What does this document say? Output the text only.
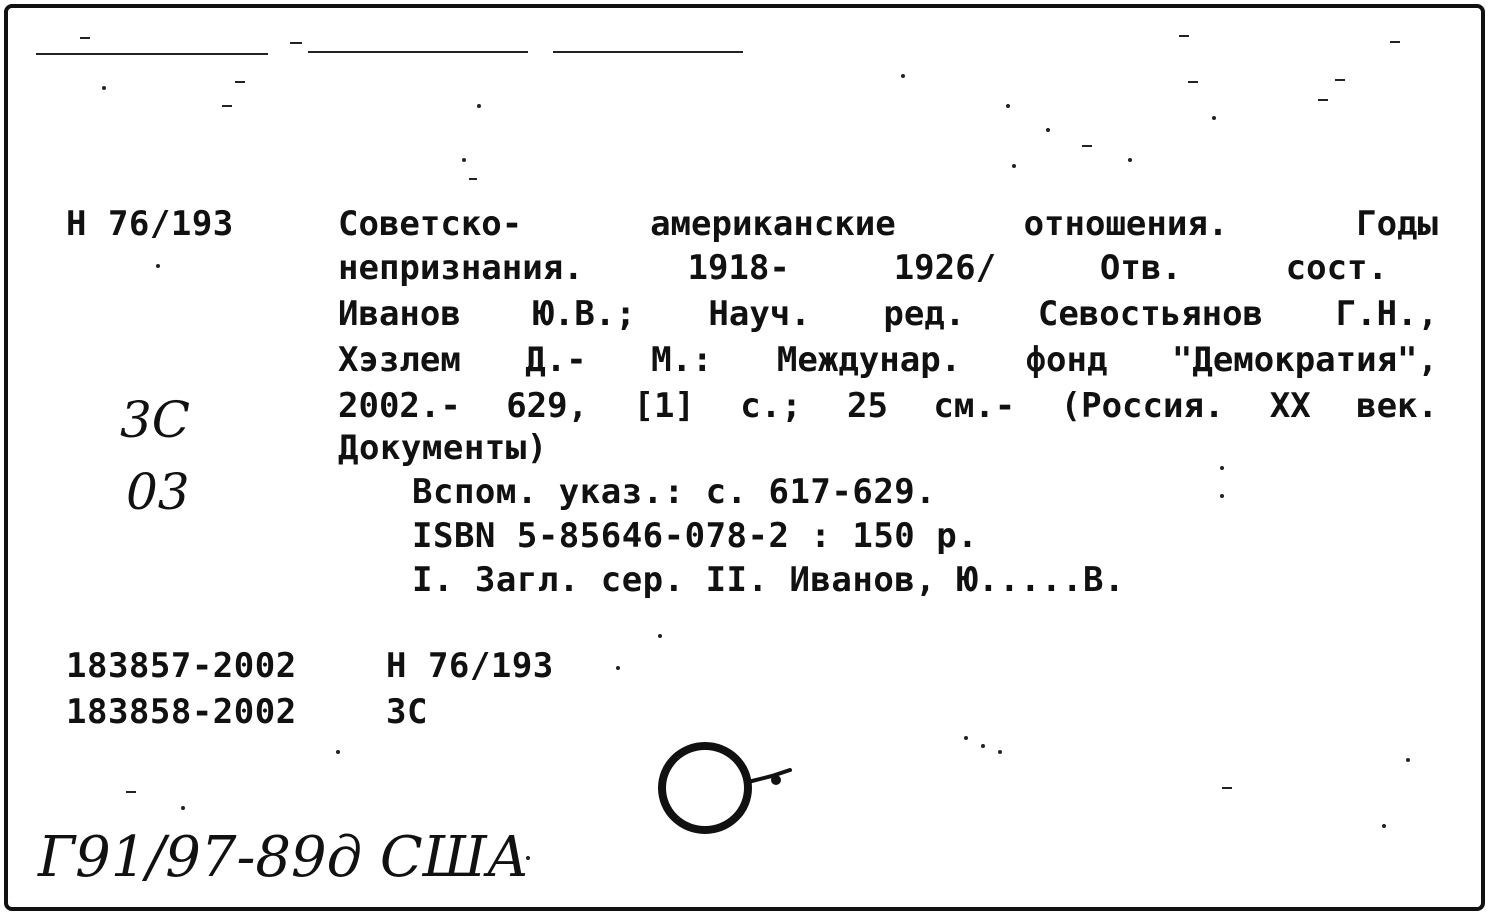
Н 76/193	Советско- американские отношения. Годы
непризнания. 1918- 1926/ Отв. сост.
Иванов Ю.В.; Науч. ред. Севостьянов Г.Н.,
Хэзлем Д.- М.: Междунар. фонд "Демократия",
2002.- 629, [1] с.; 25 см.- (Россия. XX век.
Документы)
Вспом. указ.: с. 617-629.
ISBN 5-85646-078-2 : 150 р.
I. Загл. сер. II. Иванов, Ю.....В.
183857-2002	Н 76/193
183858-2002	ЗС
3С
03
Г91/97-89д США
